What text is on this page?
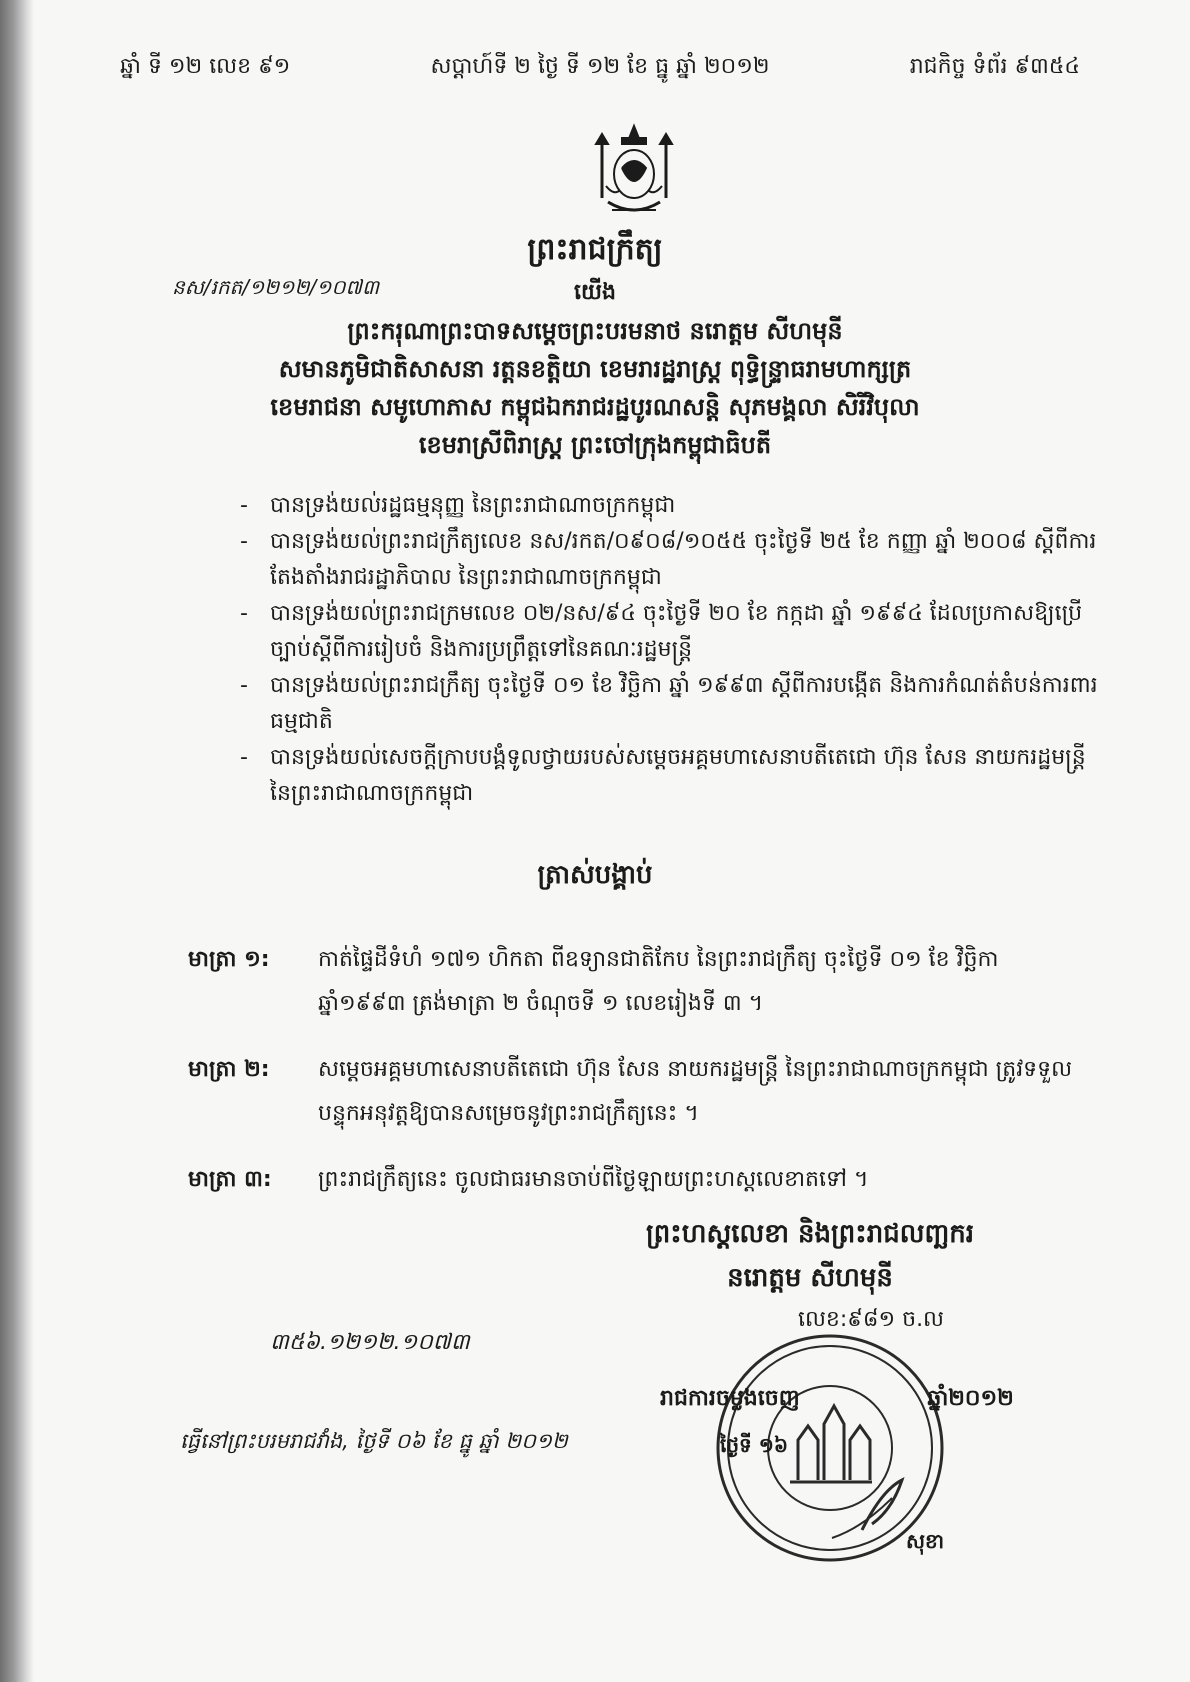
ឆ្នាំ ទី ១២ លេខ ៩១	សប្តាហ៍ទី ២ ថ្ងៃ ទី ១២ ខែ ធ្នូ ឆ្នាំ ២០១២	រាជកិច្ច ទំព័រ ៩៣៥៤
ព្រះរាជក្រឹត្យ
នស/រកត/១២១២/១០៧៣	យើង
ព្រះករុណាព្រះបាទសម្តេចព្រះបរមនាថ នរោត្តម សីហមុនី
សមានភូមិជាតិសាសនា រត្តនខត្តិយា ខេមរារដ្ឋរាស្ត្រ ពុទ្ធិន្ទ្រាធរាមហាក្សត្រ
ខេមរាជនា សមូហោភាស កម្ពុជឯករាជរដ្ឋបូរណសន្តិ សុភមង្គលា សិរីវិបុលា
ខេមរាស្រីពិរាស្ត្រ ព្រះចៅក្រុងកម្ពុជាធិបតី
- បានទ្រង់យល់រដ្ឋធម្មនុញ្ញ នៃព្រះរាជាណាចក្រកម្ពុជា
- បានទ្រង់យល់ព្រះរាជក្រឹត្យលេខ នស/រកត/០៩០៨/១០៥៥ ចុះថ្ងៃទី ២៥ ខែ កញ្ញា ឆ្នាំ ២០០៨ ស្តីពីការតែងតាំងរាជរដ្ឋាភិបាល នៃព្រះរាជាណាចក្រកម្ពុជា
- បានទ្រង់យល់ព្រះរាជក្រមលេខ ០២/នស/៩៤ ចុះថ្ងៃទី ២០ ខែ កក្កដា ឆ្នាំ ១៩៩៤ ដែលប្រកាសឱ្យប្រើច្បាប់ស្តីពីការរៀបចំ និងការប្រព្រឹត្តទៅនៃគណៈរដ្ឋមន្ត្រី
- បានទ្រង់យល់ព្រះរាជក្រឹត្យ ចុះថ្ងៃទី ០១ ខែ វិច្ឆិកា ឆ្នាំ ១៩៩៣ ស្តីពីការបង្កើត និងការកំណត់តំបន់ការពារធម្មជាតិ
- បានទ្រង់យល់សេចក្តីក្រាបបង្គំទូលថ្វាយរបស់សម្តេចអគ្គមហាសេនាបតីតេជោ ហ៊ុន សែន នាយករដ្ឋមន្ត្រី នៃព្រះរាជាណាចក្រកម្ពុជា
ត្រាស់បង្គាប់
មាត្រា ១:	កាត់ផ្ទៃដីទំហំ ១៧១ ហិកតា ពីឧទ្យានជាតិកែប នៃព្រះរាជក្រឹត្យ ចុះថ្ងៃទី ០១ ខែ វិច្ឆិកា ឆ្នាំ១៩៩៣ ត្រង់មាត្រា ២ ចំណុចទី ១ លេខរៀងទី ៣ ។
មាត្រា ២:	សម្តេចអគ្គមហាសេនាបតីតេជោ ហ៊ុន សែន នាយករដ្ឋមន្ត្រី នៃព្រះរាជាណាចក្រកម្ពុជា ត្រូវទទួលបន្ទុកអនុវត្តឱ្យបានសម្រេចនូវព្រះរាជក្រឹត្យនេះ ។
មាត្រា ៣:	ព្រះរាជក្រឹត្យនេះ ចូលជាធរមានចាប់ពីថ្ងៃឡាយព្រះហស្តលេខាតទៅ ។
ព្រះហស្តលេខា និងព្រះរាជលញ្ឆករ
នរោត្តម សីហមុនី
លេខ:៩៨១ ច.ល
៣៥៦.១២១២.១០៧៣
រាជការចម្លងចេញ	ឆ្នាំ២០១២
ថ្ងៃទី ១៦
ធ្វើនៅព្រះបរមរាជវាំង, ថ្ងៃទី ០៦ ខែ ធ្នូ ឆ្នាំ ២០១២
សុខា
